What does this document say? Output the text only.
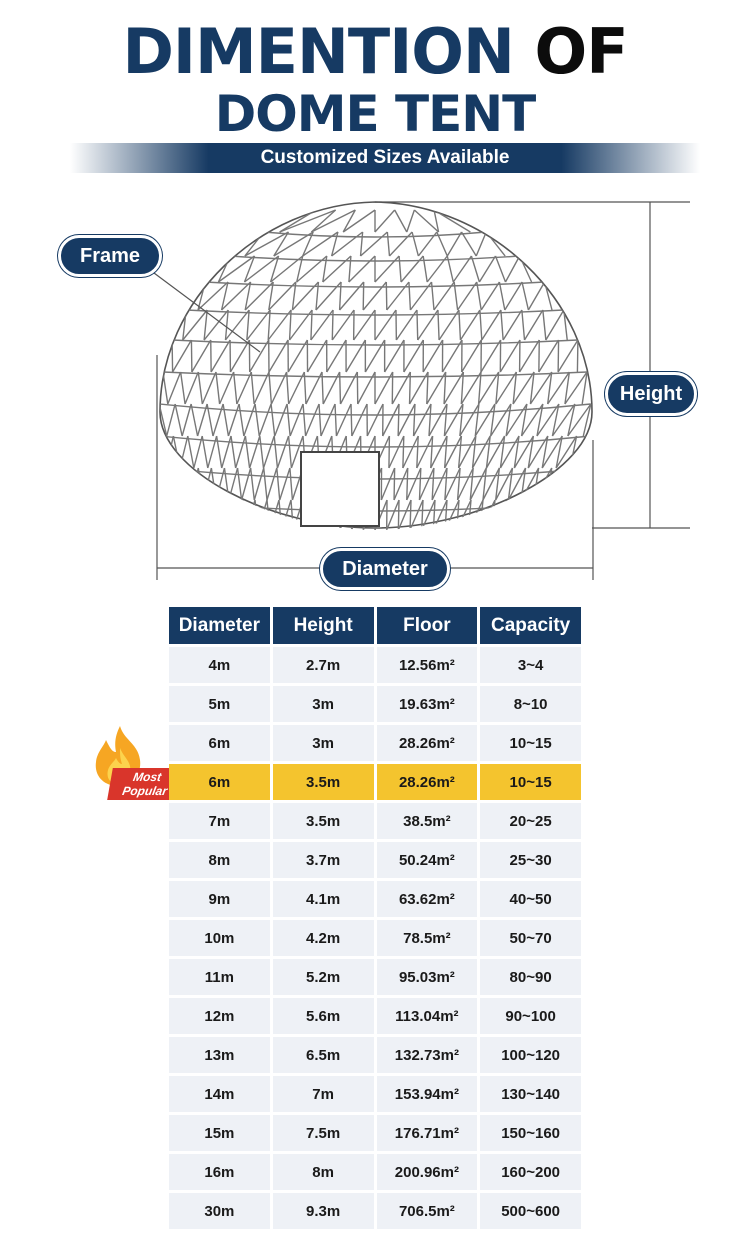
DIMENTION OF
DOME TENT
Customized Sizes Available
Frame
Height
Diameter
Most
Popular
Diameter	Height	Floor	Capacity
4m	2.7m	12.56m²	3~4
5m	3m	19.63m²	8~10
6m	3m	28.26m²	10~15
6m	3.5m	28.26m²	10~15
7m	3.5m	38.5m²	20~25
8m	3.7m	50.24m²	25~30
9m	4.1m	63.62m²	40~50
10m	4.2m	78.5m²	50~70
11m	5.2m	95.03m²	80~90
12m	5.6m	113.04m²	90~100
13m	6.5m	132.73m²	100~120
14m	7m	153.94m²	130~140
15m	7.5m	176.71m²	150~160
16m	8m	200.96m²	160~200
30m	9.3m	706.5m²	500~600
